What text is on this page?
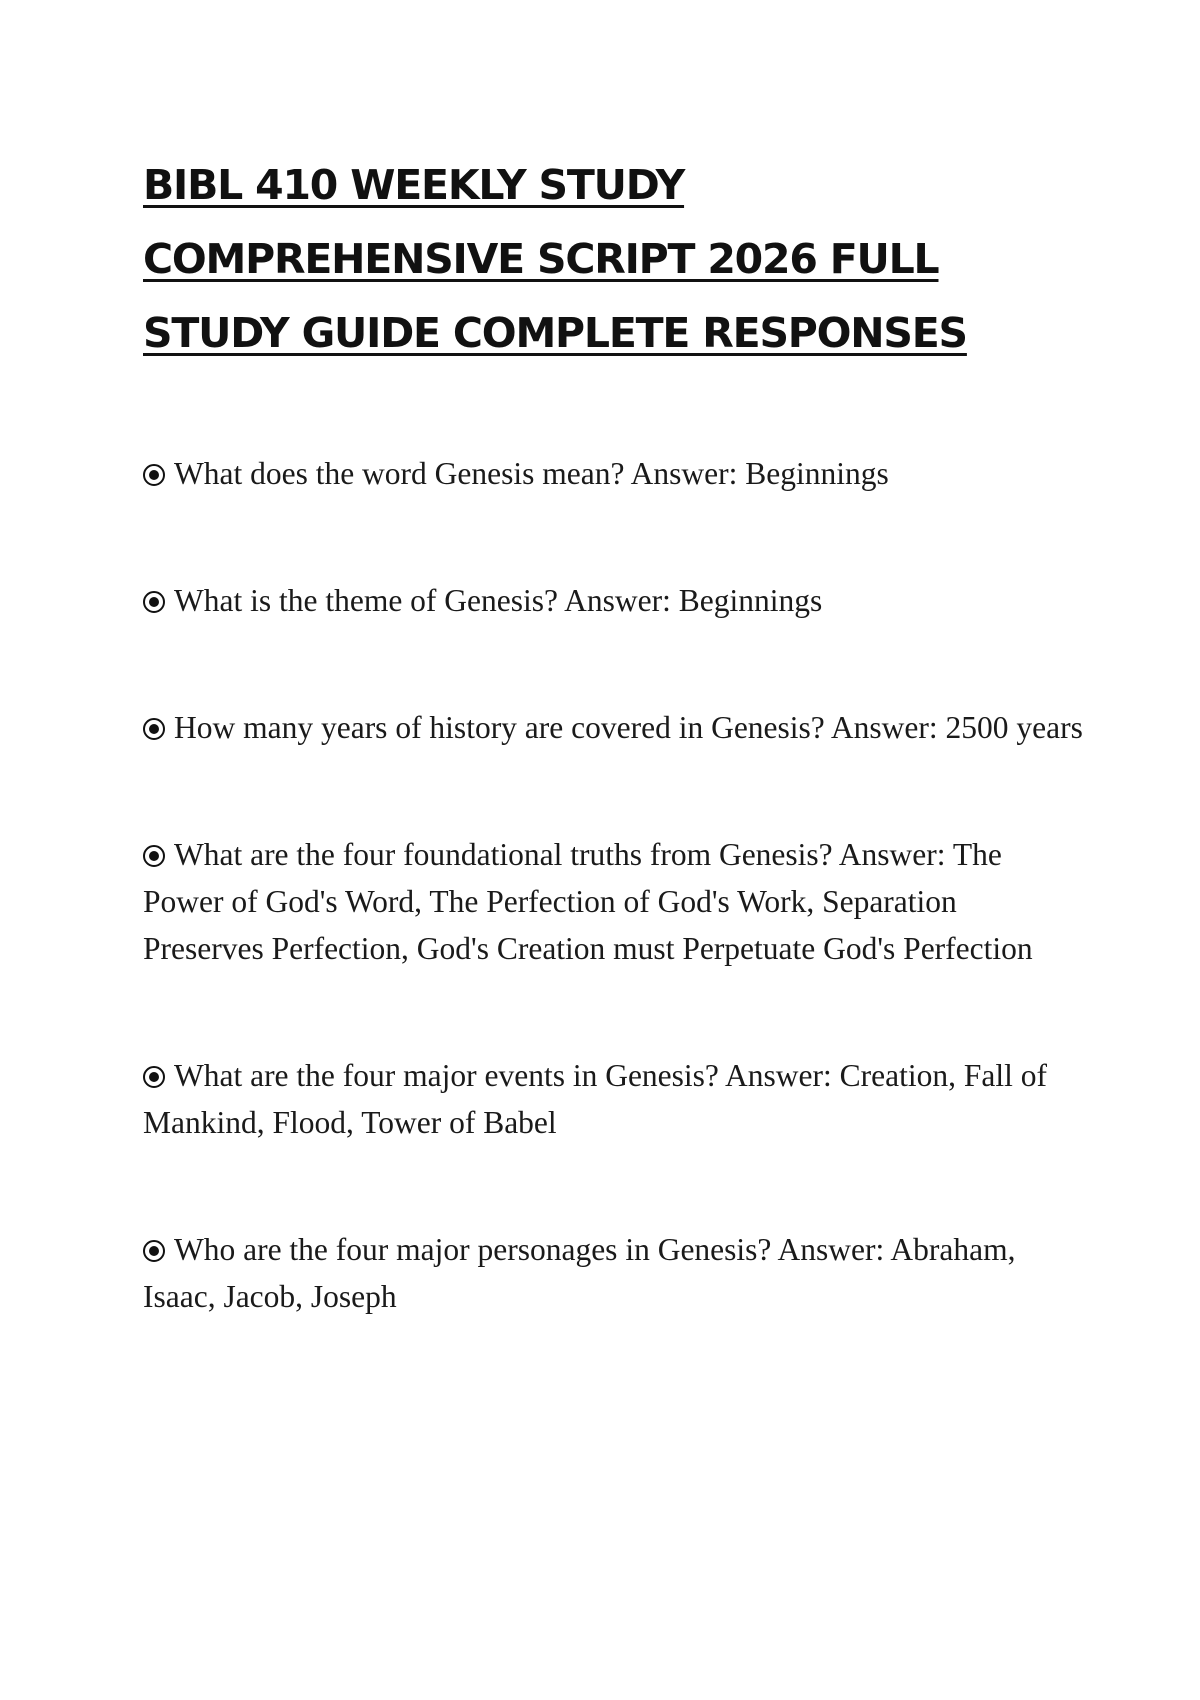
BIBL 410 WEEKLY STUDY COMPREHENSIVE SCRIPT 2026 FULL STUDY GUIDE COMPLETE RESPONSES
What does the word Genesis mean? Answer: Beginnings
What is the theme of Genesis? Answer: Beginnings
How many years of history are covered in Genesis? Answer: 2500 years
What are the four foundational truths from Genesis? Answer: The Power of God's Word, The Perfection of God's Work, Separation Preserves Perfection, God's Creation must Perpetuate God's Perfection
What are the four major events in Genesis? Answer: Creation, Fall of Mankind, Flood, Tower of Babel
Who are the four major personages in Genesis? Answer: Abraham, Isaac, Jacob, Joseph
